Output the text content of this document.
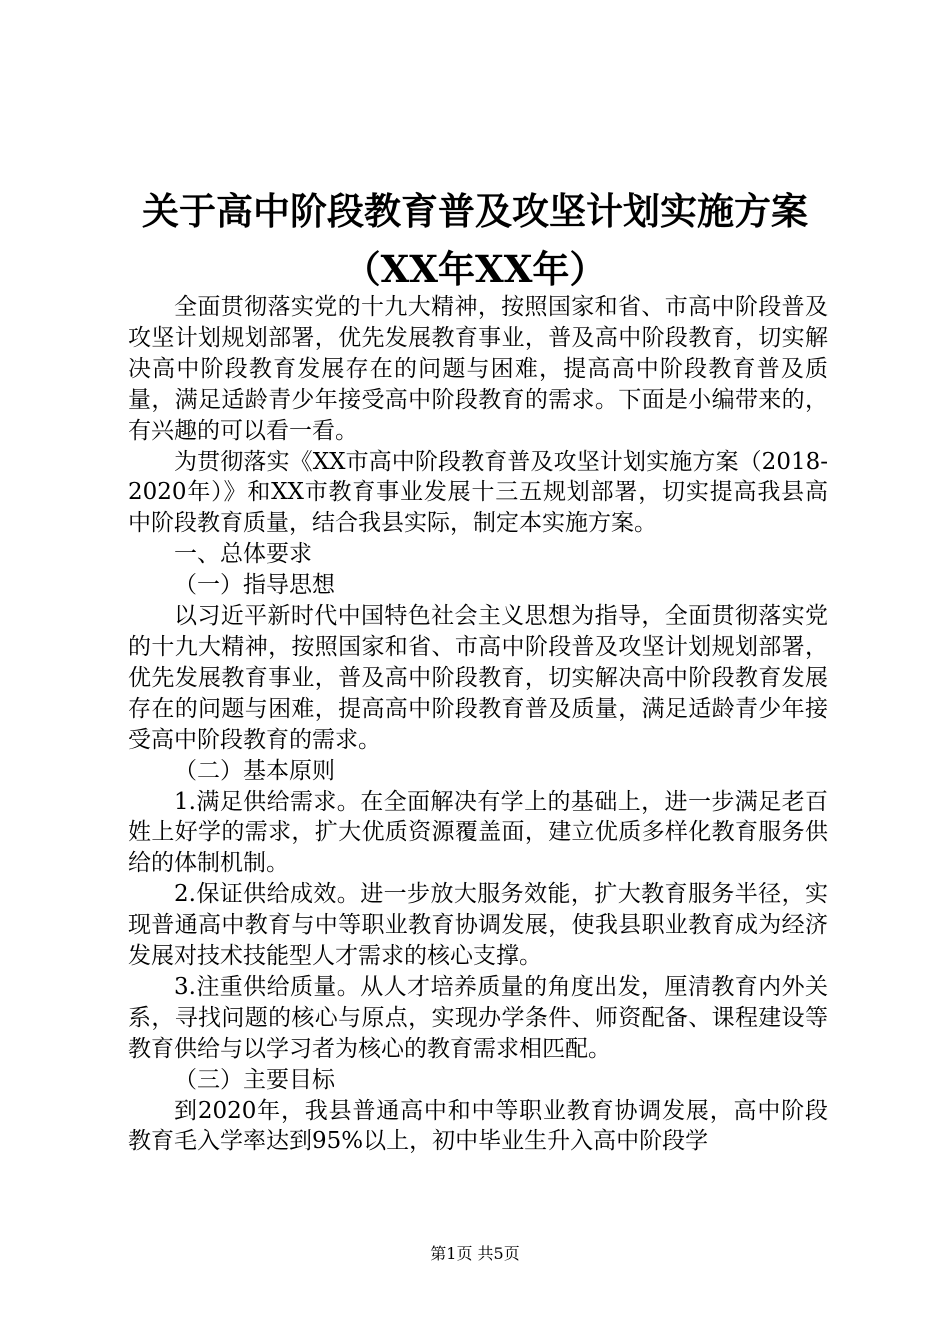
关于高中阶段教育普及攻坚计划实施方案（XX年XX年）

全面贯彻落实党的十九大精神，按照国家和省、市高中阶段普及攻坚计划规划部署，优先发展教育事业，普及高中阶段教育，切实解决高中阶段教育发展存在的问题与困难，提高高中阶段教育普及质量，满足适龄青少年接受高中阶段教育的需求。下面是小编带来的，有兴趣的可以看一看。

为贯彻落实《XX市高中阶段教育普及攻坚计划实施方案（2018-2020年）》和XX市教育事业发展十三五规划部署，切实提高我县高中阶段教育质量，结合我县实际，制定本实施方案。

一、总体要求

（一）指导思想

以习近平新时代中国特色社会主义思想为指导，全面贯彻落实党的十九大精神，按照国家和省、市高中阶段普及攻坚计划规划部署，优先发展教育事业，普及高中阶段教育，切实解决高中阶段教育发展存在的问题与困难，提高高中阶段教育普及质量，满足适龄青少年接受高中阶段教育的需求。

（二）基本原则

1.满足供给需求。在全面解决有学上的基础上，进一步满足老百姓上好学的需求，扩大优质资源覆盖面，建立优质多样化教育服务供给的体制机制。

2.保证供给成效。进一步放大服务效能，扩大教育服务半径，实现普通高中教育与中等职业教育协调发展，使我县职业教育成为经济发展对技术技能型人才需求的核心支撑。

3.注重供给质量。从人才培养质量的角度出发，厘清教育内外关系，寻找问题的核心与原点，实现办学条件、师资配备、课程建设等教育供给与以学习者为核心的教育需求相匹配。

（三）主要目标

到2020年，我县普通高中和中等职业教育协调发展，高中阶段教育毛入学率达到95%以上，初中毕业生升入高中阶段学

第1页 共5页
